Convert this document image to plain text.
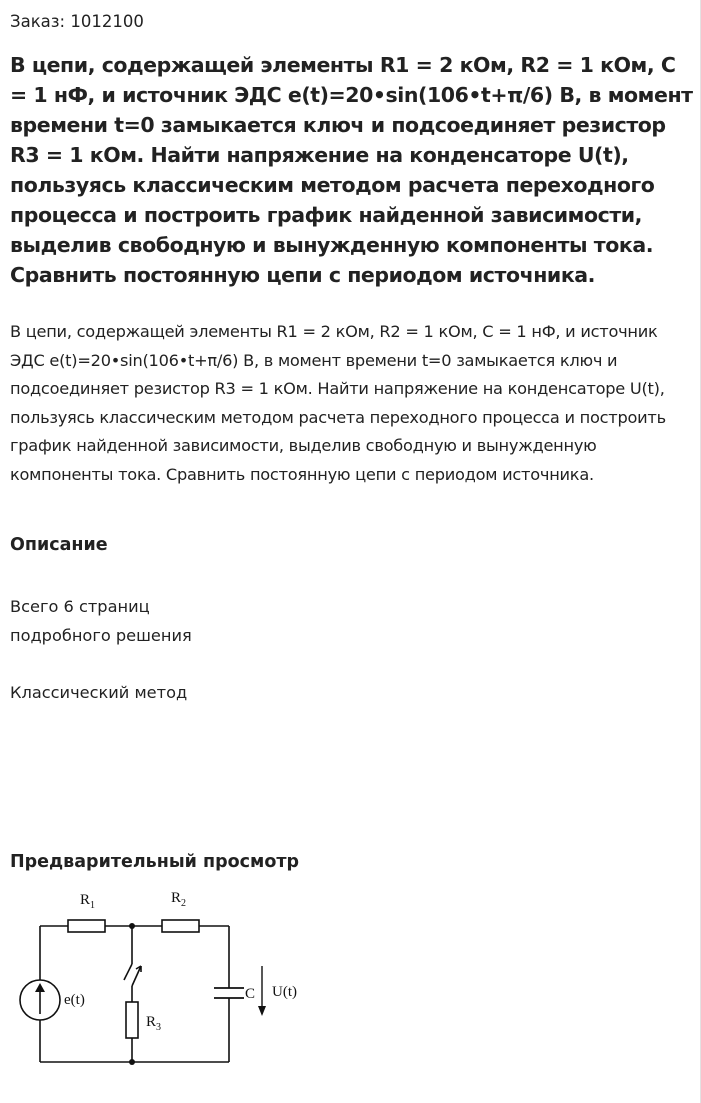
Заказ: 1012100
В цепи, содержащей элементы R1 = 2 кОм, R2 = 1 кОм, C = 1 нФ, и источник ЭДС e(t)=20•sin(106•t+π/6) В, в момент времени t=0 замыкается ключ и подсоединяет резистор R3 = 1 кОм. Найти напряжение на конденсаторе U(t), пользуясь классическим методом расчета переходного процесса и построить график найденной зависимости, выделив свободную и вынужденную компоненты тока. Сравнить постоянную цепи с периодом источника.

В цепи, содержащей элементы R1 = 2 кОм, R2 = 1 кОм, C = 1 нФ, и источник ЭДС e(t)=20•sin(106•t+π/6) В, в момент времени t=0 замыкается ключ и подсоединяет резистор R3 = 1 кОм. Найти напряжение на конденсаторе U(t), пользуясь классическим методом расчета переходного процесса и построить график найденной зависимости, выделив свободную и вынужденную компоненты тока. Сравнить постоянную цепи с периодом источника.

Описание
Всего 6 страниц
подробного решения
Классический метод
Предварительный просмотр
$R_1$	$R_2$
$R_3$
e(t)	C U(t)
